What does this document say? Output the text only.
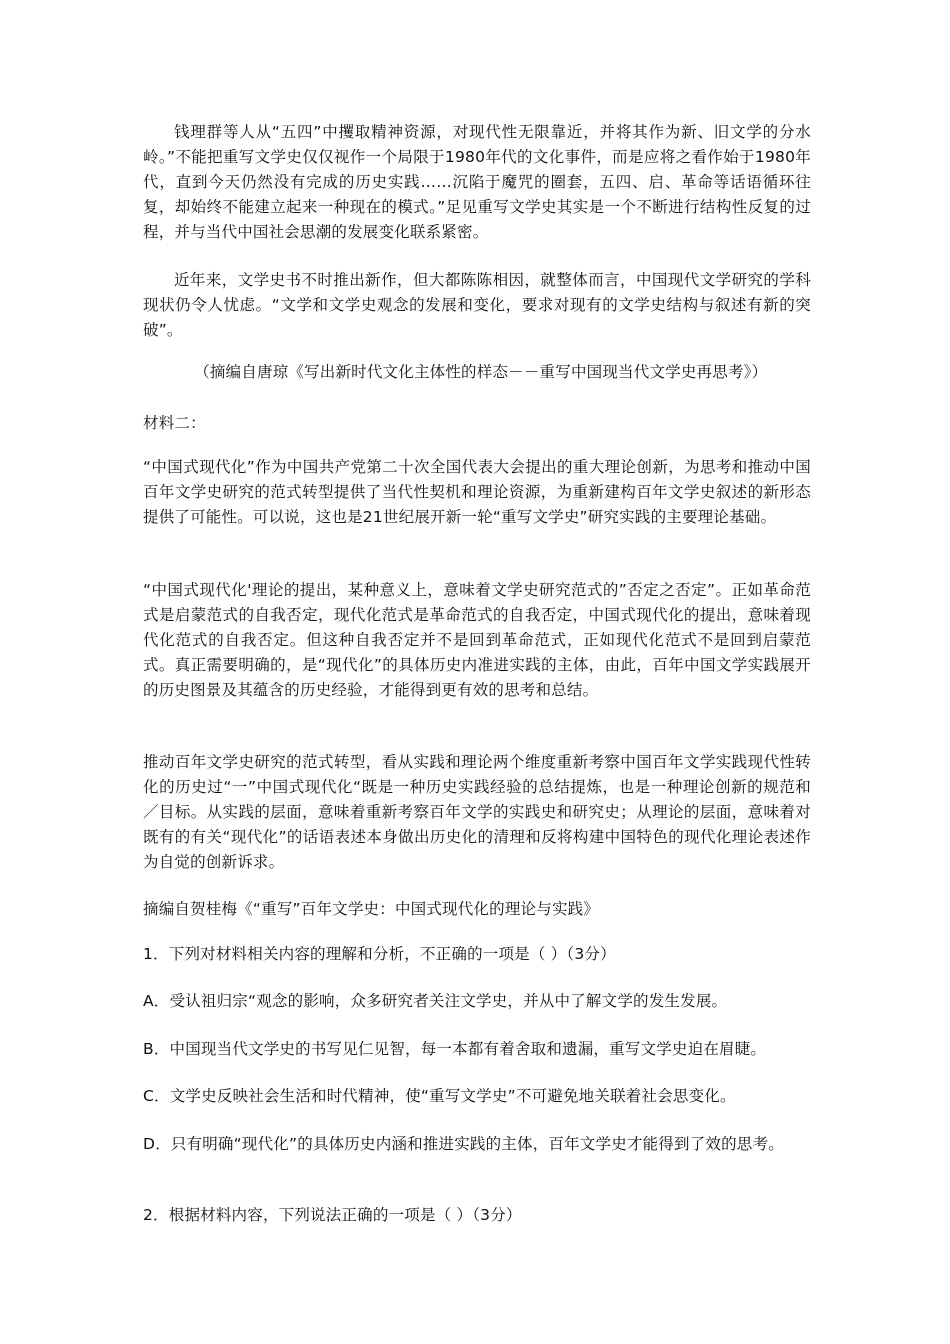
钱理群等人从“五四”中攫取精神资源，对现代性无限靠近，并将其作为新、旧文学的分水岭。”不能把重写文学史仅仅视作一个局限于1980年代的文化事件，而是应将之看作始于1980年代，直到今天仍然没有完成的历史实践……沉陷于魔咒的圈套，五四、启、革命等话语循环往复，却始终不能建立起来一种现在的模式。”足见重写文学史其实是一个不断进行结构性反复的过程，并与当代中国社会思潮的发展变化联系紧密。

近年来，文学史书不时推出新作，但大都陈陈相因，就整体而言，中国现代文学研究的学科现状仍令人忧虑。“文学和文学史观念的发展和变化，要求对现有的文学史结构与叙述有新的突破”。

（摘编自唐琼《写出新时代文化主体性的样态－－重写中国现当代文学史再思考》）

材料二：

“中国式现代化”作为中国共产党第二十次全国代表大会提出的重大理论创新，为思考和推动中国百年文学史研究的范式转型提供了当代性契机和理论资源，为重新建构百年文学史叙述的新形态提供了可能性。可以说，这也是21世纪展开新一轮“重写文学史”研究实践的主要理论基础。

“中国式现代化'理论的提出，某种意义上，意味着文学史研究范式的”否定之否定”。正如革命范式是启蒙范式的自我否定，现代化范式是革命范式的自我否定，中国式现代化的提出，意味着现代化范式的自我否定。但这种自我否定并不是回到革命范式，正如现代化范式不是回到启蒙范式。真正需要明确的，是“现代化”的具体历史内准进实践的主体，由此，百年中国文学实践展开的历史图景及其蕴含的历史经验，才能得到更有效的思考和总结。

推动百年文学史研究的范式转型，看从实践和理论两个维度重新考察中国百年文学实践现代性转化的历史过“一”中国式现代化“既是一种历史实践经验的总结提炼，也是一种理论创新的规范和／目标。从实践的层面，意味着重新考察百年文学的实践史和研究史；从理论的层面，意味着对既有的有关“现代化”的话语表述本身做出历史化的清理和反将构建中国特色的现代化理论表述作为自觉的创新诉求。

摘编自贺桂梅《“重写”百年文学史：中国式现代化的理论与实践》

1．下列对材料相关内容的理解和分析，不正确的一项是（ ）（3分）

A．受认祖归宗“观念的影响，众多研究者关注文学史，并从中了解文学的发生发展。

B．中国现当代文学史的书写见仁见智，每一本都有着舍取和遗漏，重写文学史迫在眉睫。

C．文学史反映社会生活和时代精神，使“重写文学史”不可避免地关联着社会思变化。

D．只有明确“现代化”的具体历史内涵和推进实践的主体，百年文学史才能得到了效的思考。

2．根据材料内容，下列说法正确的一项是（ ）（3分）
